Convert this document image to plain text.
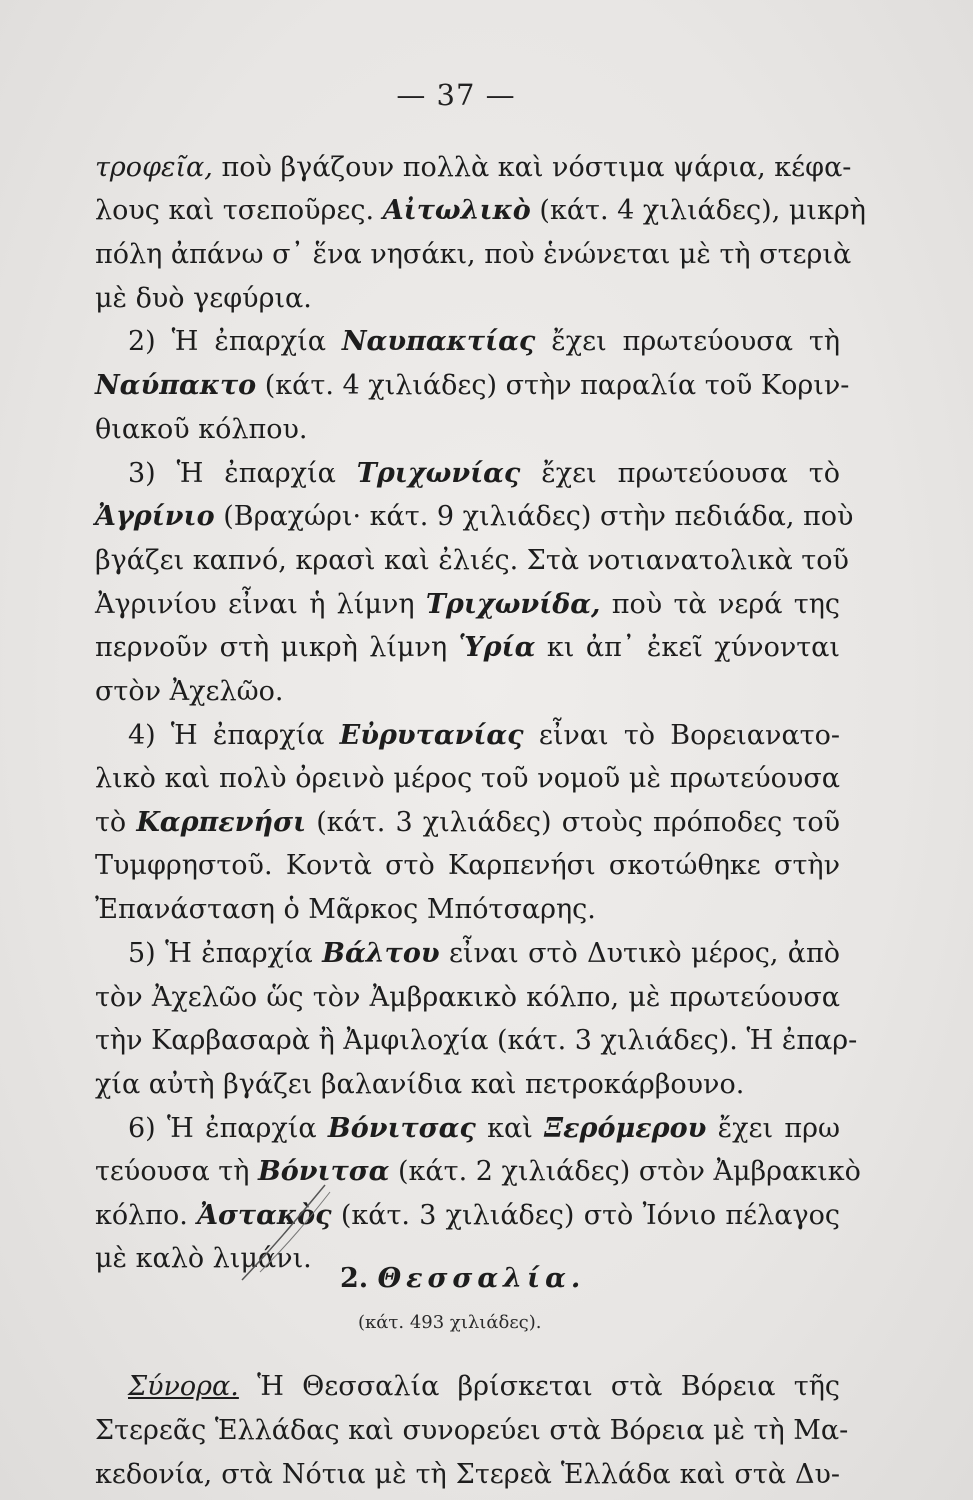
— 37 —
τροφεῖα, ποὺ βγάζουν πολλὰ καὶ νόστιμα ψάρια, κέφα-
λους καὶ τσεποῦρες. Αἰτωλικὸ (κάτ. 4 χιλιάδες), μικρὴ
πόλη ἀπάνω σ᾽ ἕνα νησάκι, ποὺ ἑνώνεται μὲ τὴ στεριὰ
μὲ δυὸ γεφύρια.
2) Ἡ ἐπαρχία Ναυπακτίας ἔχει πρωτεύουσα τὴ
Ναύπακτο (κάτ. 4 χιλιάδες) στὴν παραλία τοῦ Κοριν-
θιακοῦ κόλπου.
3) Ἡ ἐπαρχία Τριχωνίας ἔχει πρωτεύουσα τὸ
Ἀγρίνιο (Βραχώρι· κάτ. 9 χιλιάδες) στὴν πεδιάδα, ποὺ
βγάζει καπνό, κρασὶ καὶ ἐλιές. Στὰ νοτιανατολικὰ τοῦ
Ἀγρινίου εἶναι ἡ λίμνη Τριχωνίδα, ποὺ τὰ νερά της
περνοῦν στὴ μικρὴ λίμνη Ὑρία κι ἀπ᾽ ἐκεῖ χύνονται
στὸν Ἀχελῶο.
4) Ἡ ἐπαρχία Εὐρυτανίας εἶναι τὸ Βορειανατο-
λικὸ καὶ πολὺ ὀρεινὸ μέρος τοῦ νομοῦ μὲ πρωτεύουσα
τὸ Καρπενήσι (κάτ. 3 χιλιάδες) στοὺς πρόποδες τοῦ
Τυμφρηστοῦ. Κοντὰ στὸ Καρπενήσι σκοτώθηκε στὴν
Ἐπανάσταση ὁ Μᾶρκος Μπότσαρης.
5) Ἡ ἐπαρχία Βάλτου εἶναι στὸ Δυτικὸ μέρος, ἀπὸ
τὸν Ἀχελῶο ὥς τὸν Ἀμβρακικὸ κόλπο, μὲ πρωτεύουσα
τὴν Καρβασαρὰ ἢ Ἀμφιλοχία (κάτ. 3 χιλιάδες). Ἡ ἐπαρ-
χία αὐτὴ βγάζει βαλανίδια καὶ πετροκάρβουνο.
6) Ἡ ἐπαρχία Βόνιτσας καὶ Ξερόμερου ἔχει πρω
τεύουσα τὴ Βόνιτσα (κάτ. 2 χιλιάδες) στὸν Ἀμβρακικὸ
κόλπο. Ἀστακὸς (κάτ. 3 χιλιάδες) στὸ Ἰόνιο πέλαγος
μὲ καλὸ λιμάνι.
2. Θεσσαλία.
(κάτ. 493 χιλιάδες).
Σύνορα. Ἡ Θεσσαλία βρίσκεται στὰ Βόρεια τῆς
Στερεᾶς Ἑλλάδας καὶ συνορεύει στὰ Βόρεια μὲ τὴ Μα-
κεδονία, στὰ Νότια μὲ τὴ Στερεὰ Ἑλλάδα καὶ στὰ Δυ-
